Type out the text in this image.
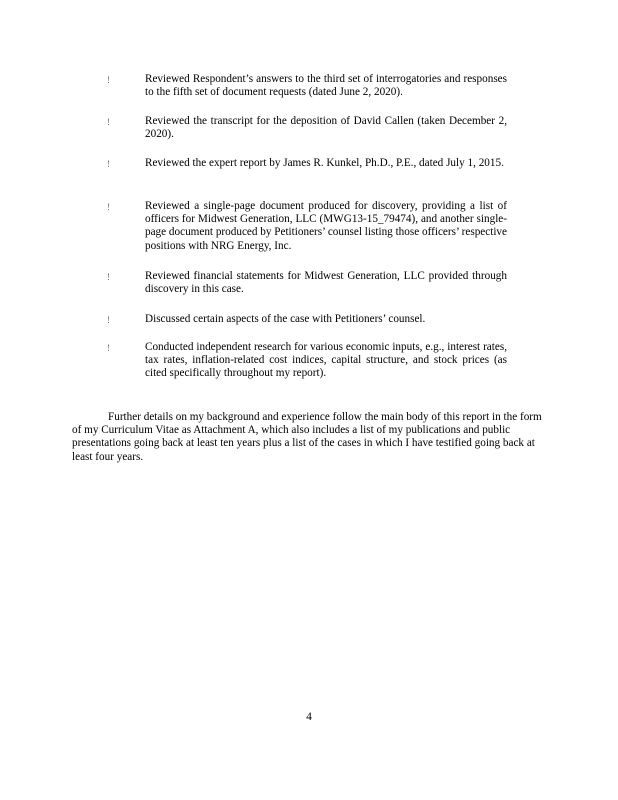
!	Reviewed Respondent’s answers to the third set of interrogatories and responses to the fifth set of document requests (dated June 2, 2020).
!	Reviewed the transcript for the deposition of David Callen (taken December 2, 2020).
!	Reviewed the expert report by James R. Kunkel, Ph.D., P.E., dated July 1, 2015.
!	Reviewed a single-page document produced for discovery, providing a list of officers for Midwest Generation, LLC (MWG13-15_79474), and another single-page document produced by Petitioners’ counsel listing those officers’ respective positions with NRG Energy, Inc.
!	Reviewed financial statements for Midwest Generation, LLC provided through discovery in this case.
!	Discussed certain aspects of the case with Petitioners’ counsel.
!	Conducted independent research for various economic inputs, e.g., interest rates, tax rates, inflation-related cost indices, capital structure, and stock prices (as cited specifically throughout my report).
Further details on my background and experience follow the main body of this report in the form of my Curriculum Vitae as Attachment A, which also includes a list of my publications and public presentations going back at least ten years plus a list of the cases in which I have testified going back at least four years.
4
